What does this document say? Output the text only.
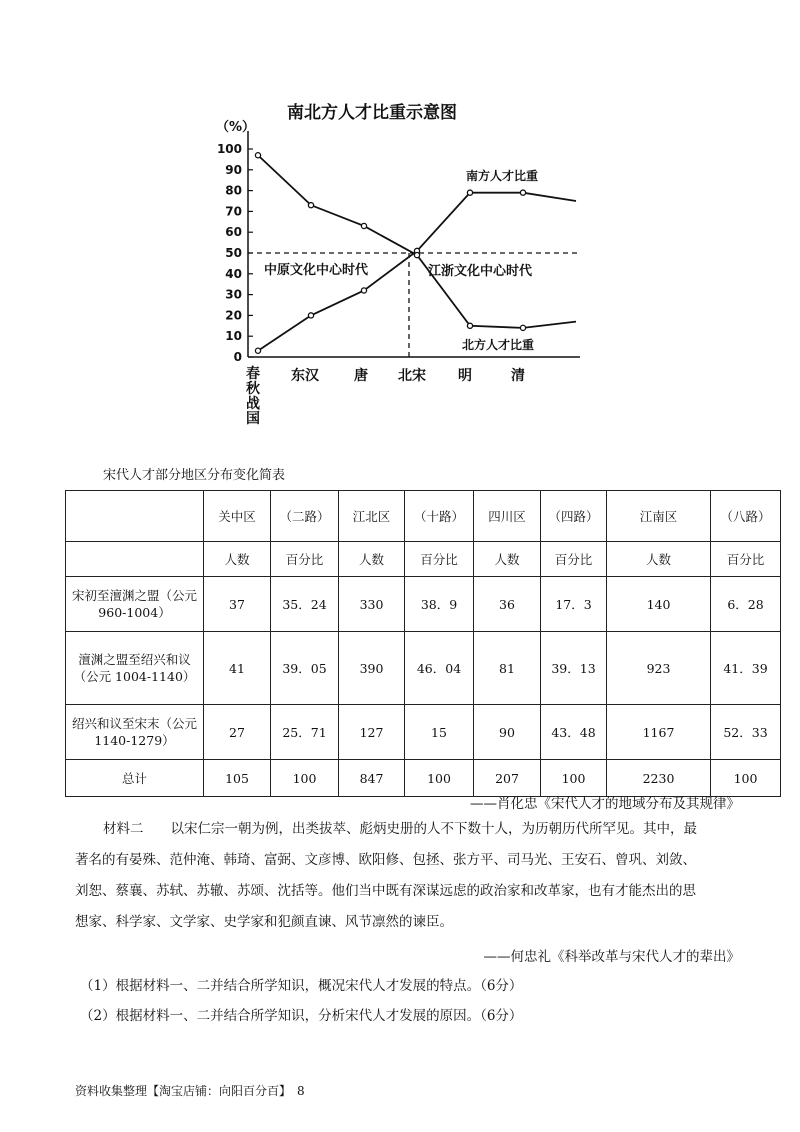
南北方人才比重示意图
（%）
0
10
20
30
40
50
60
70
80
90
100
春秋战国
东汉	唐 北宋 明	清
中原文化中心时代	江浙文化中心时代
南方人才比重
北方人才比重
宋代人才部分地区分布变化简表
	关中区	（二路）	江北区	（十路）	四川区	（四路）	江南区	（八路）
	人数	百分比	人数	百分比	人数	百分比	人数	百分比
宋初至澶渊之盟（公元 960-1004）	37	35．24	330	38．9	36	17．3	140	6．28
澶渊之盟至绍兴和议（公元 1004-1140）	41	39．05	390	46．04	81	39．13	923	41．39
绍兴和议至宋末（公元 1140-1279）	27	25．71	127	15	90	43．48	1167	52．33
总计	105	100	847	100	207	100	2230	100
——肖化忠《宋代人才的地域分布及其规律》
材料二　　以宋仁宗一朝为例，出类拔萃、彪炳史册的人不下数十人，为历朝历代所罕见。其中，最
著名的有晏殊、范仲淹、韩琦、富弼、文彦博、欧阳修、包拯、张方平、司马光、王安石、曾巩、刘敛、
刘恕、蔡襄、苏轼、苏辙、苏颂、沈括等。他们当中既有深谋远虑的政治家和改革家，也有才能杰出的思
想家、科学家、文学家、史学家和犯颜直谏、风节凛然的谏臣。
——何忠礼《科举改革与宋代人才的辈出》
（1）根据材料一、二并结合所学知识，概况宋代人才发展的特点。（6分）
（2）根据材料一、二并结合所学知识，分析宋代人才发展的原因。（6分）
资料收集整理【淘宝店铺：向阳百分百】　8
